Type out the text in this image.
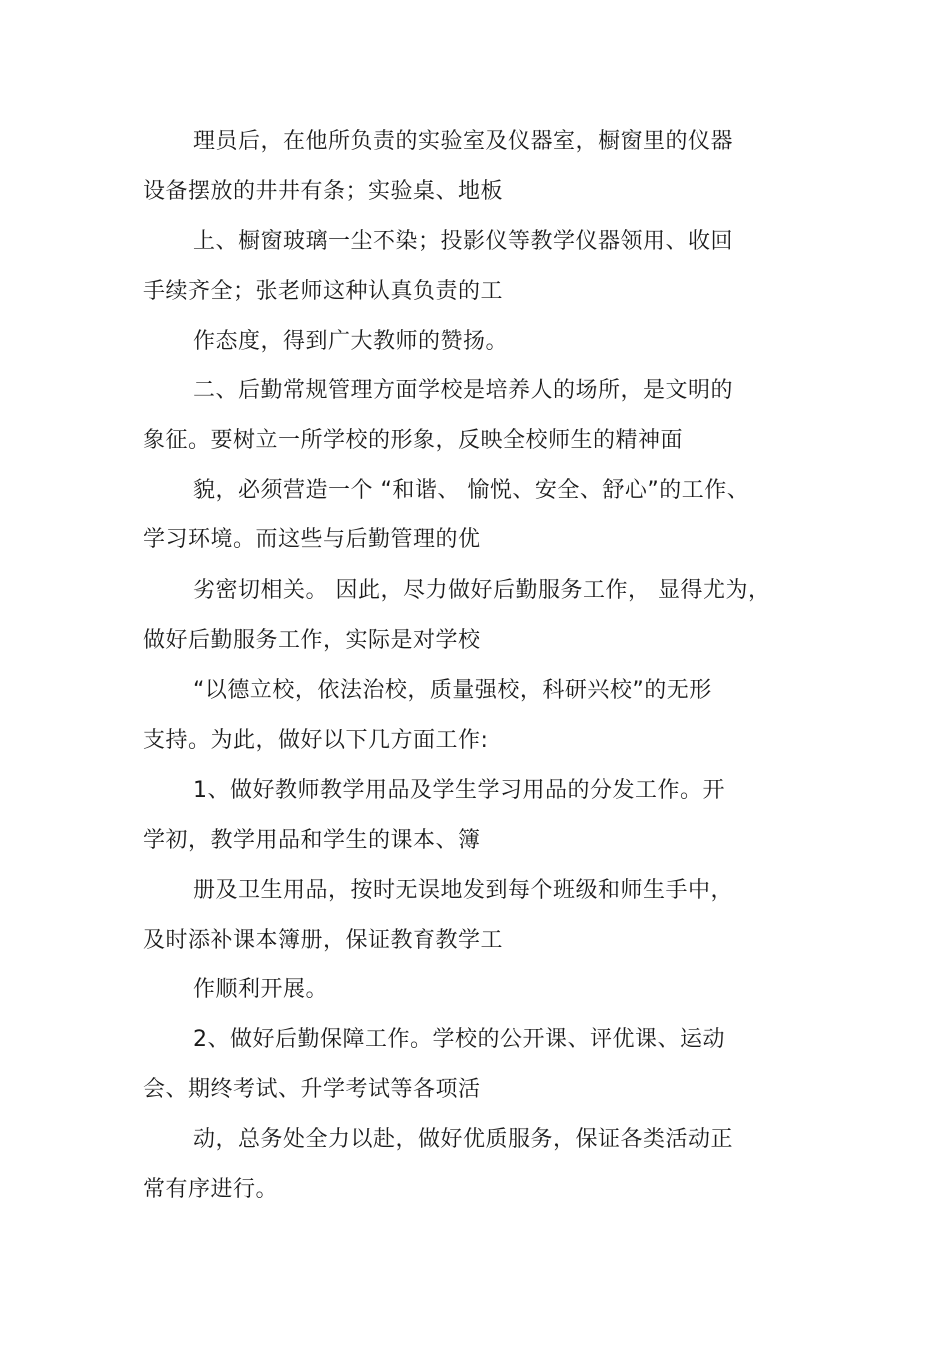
理员后，在他所负责的实验室及仪器室，橱窗里的仪器
设备摆放的井井有条；实验桌、地板
上、橱窗玻璃一尘不染；投影仪等教学仪器领用、收回
手续齐全；张老师这种认真负责的工
作态度，得到广大教师的赞扬。
二、后勤常规管理方面学校是培养人的场所，是文明的
象征。要树立一所学校的形象，反映全校师生的精神面
貌，必须营造一个 “和谐、 愉悦、安全、舒心”的工作、
学习环境。而这些与后勤管理的优
劣密切相关。 因此，尽力做好后勤服务工作， 显得尤为，
做好后勤服务工作，实际是对学校
“以德立校，依法治校，质量强校，科研兴校”的无形
支持。为此，做好以下几方面工作:
1、做好教师教学用品及学生学习用品的分发工作。开
学初，教学用品和学生的课本、簿
册及卫生用品，按时无误地发到每个班级和师生手中，
及时添补课本簿册，保证教育教学工
作顺利开展。
2、做好后勤保障工作。学校的公开课、评优课、运动
会、期终考试、升学考试等各项活
动，总务处全力以赴，做好优质服务，保证各类活动正
常有序进行。
